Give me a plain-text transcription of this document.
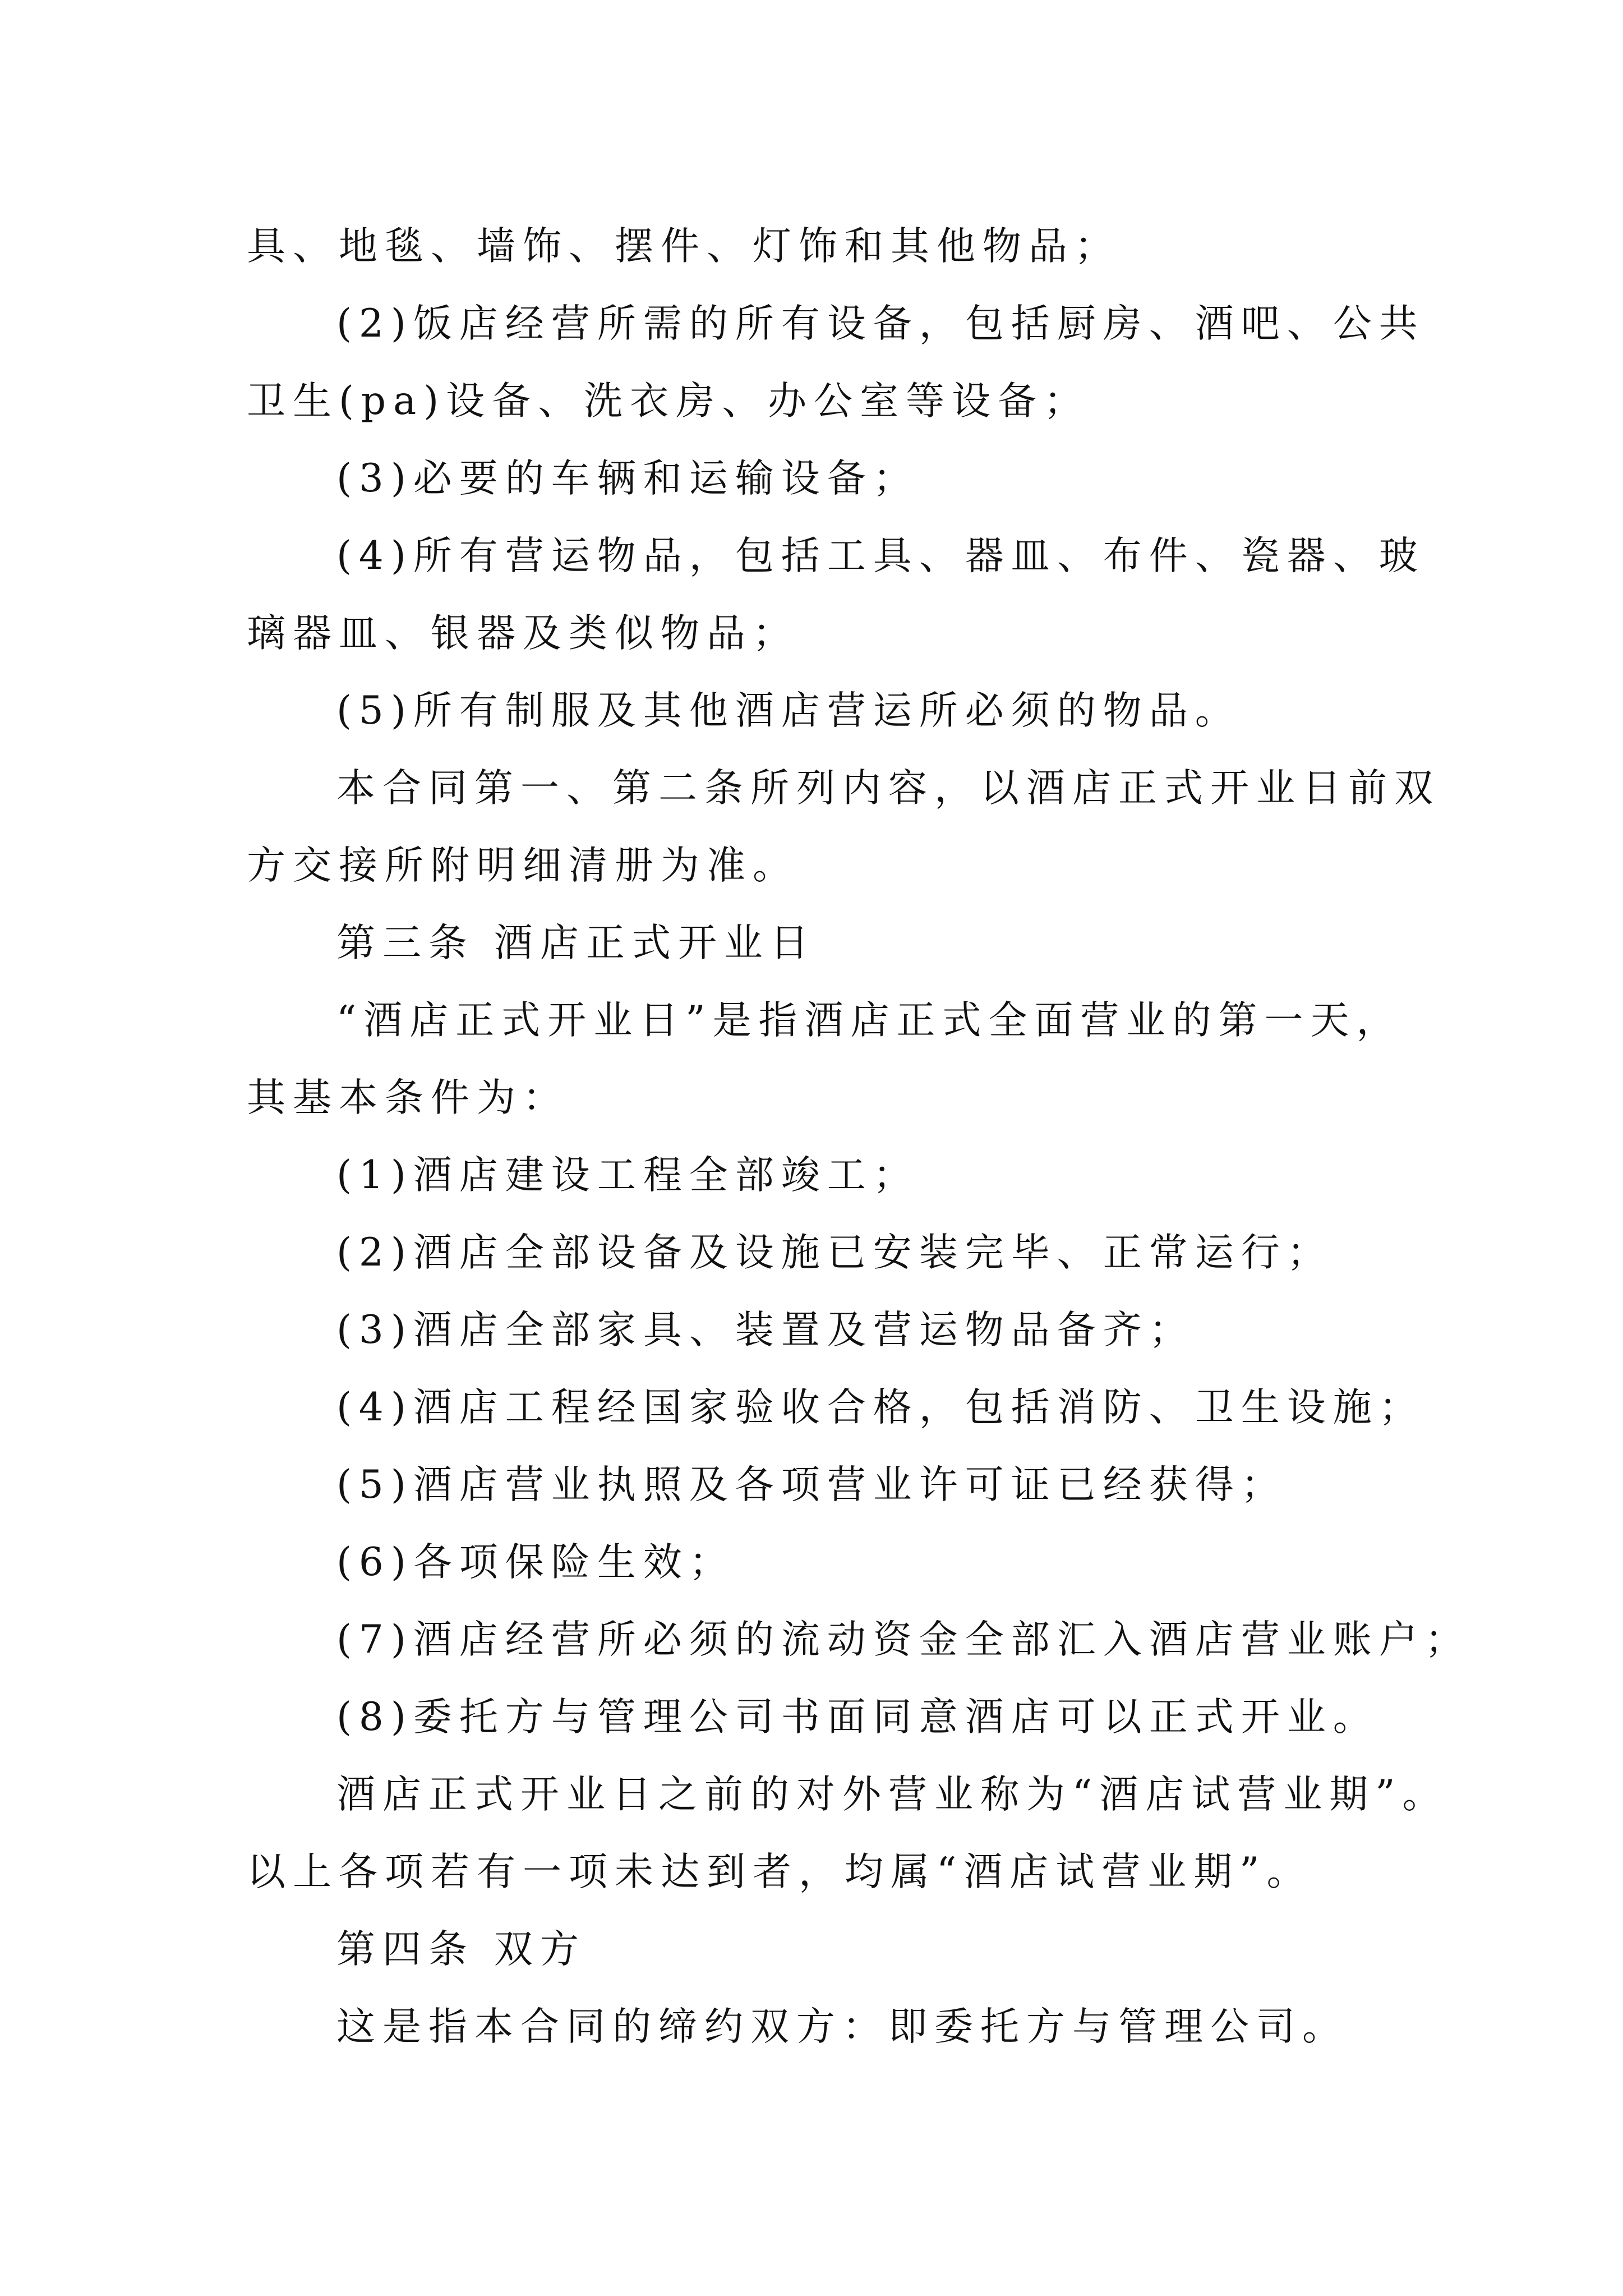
具、地毯、墙饰、摆件、灯饰和其他物品；
(2)饭店经营所需的所有设备，包括厨房、酒吧、公共
卫生(pa)设备、洗衣房、办公室等设备；
(3)必要的车辆和运输设备；
(4)所有营运物品，包括工具、器皿、布件、瓷器、玻
璃器皿、银器及类似物品；
(5)所有制服及其他酒店营运所必须的物品。
本合同第一、第二条所列内容，以酒店正式开业日前双
方交接所附明细清册为准。
第三条 酒店正式开业日
“酒店正式开业日”是指酒店正式全面营业的第一天，
其基本条件为：
(1)酒店建设工程全部竣工；
(2)酒店全部设备及设施已安装完毕、正常运行；
(3)酒店全部家具、装置及营运物品备齐；
(4)酒店工程经国家验收合格，包括消防、卫生设施；
(5)酒店营业执照及各项营业许可证已经获得；
(6)各项保险生效；
(7)酒店经营所必须的流动资金全部汇入酒店营业账户；
(8)委托方与管理公司书面同意酒店可以正式开业。
酒店正式开业日之前的对外营业称为“酒店试营业期”。
以上各项若有一项未达到者，均属“酒店试营业期”。
第四条 双方
这是指本合同的缔约双方：即委托方与管理公司。
